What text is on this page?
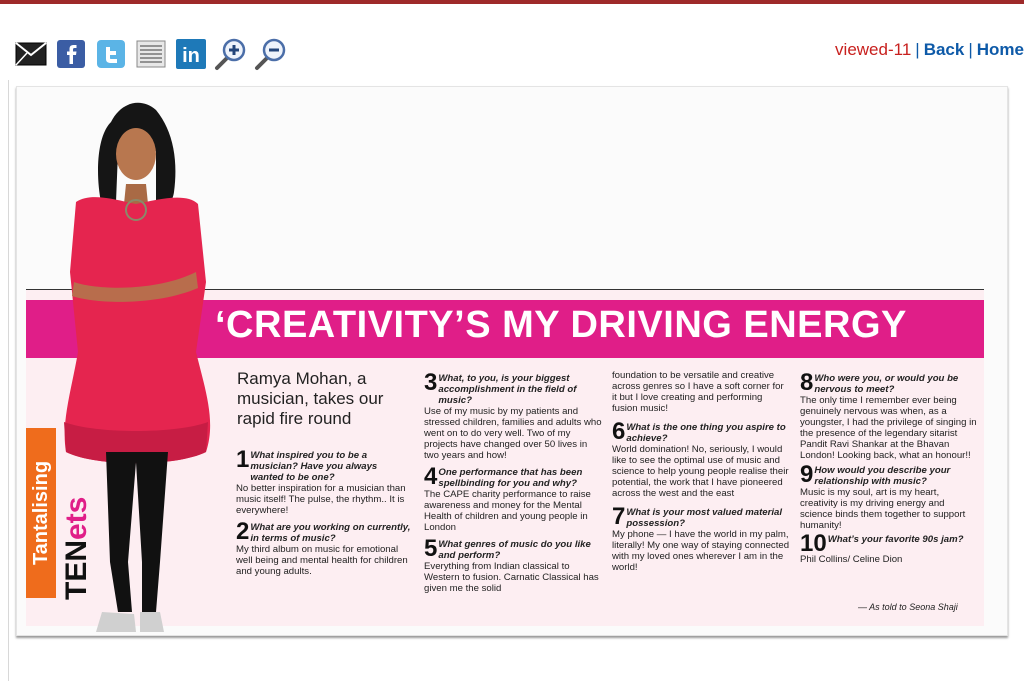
in	viewed-11 | Back | Home
‘CREATIVITY’S MY DRIVING ENERGY
Tantalising
TENets
Ramya Mohan, a musician, takes our rapid fire round
1 What inspired you to be a musician? Have you always wanted to be one?
No better inspiration for a musician than music itself! The pulse, the rhythm.. It is everywhere!
2 What are you working on currently, in terms of music?
My third album on music for emotional well being and mental health for children and young adults.
3 What, to you, is your biggest accomplishment in the field of music?
Use of my music by my patients and stressed children, families and adults who went on to do very well. Two of my projects have changed over 50 lives in two years and how!
4 One performance that has been spellbinding for you and why?
The CAPE charity performance to raise awareness and money for the Mental Health of children and young people in London
5 What genres of music do you like and perform?
Everything from Indian classical to Western to fusion. Carnatic Classical has given me the solid
foundation to be versatile and creative across genres so I have a soft corner for it but I love creating and performing fusion music!
6 What is the one thing you aspire to achieve?
World domination! No, seriously, I would like to see the optimal use of music and science to help young people realise their potential, the work that I have pioneered across the west and the east
7 What is your most valued material possession?
My phone — I have the world in my palm, literally! My one way of staying connected with my loved ones wherever I am in the world!
8 Who were you, or would you be nervous to meet?
The only time I remember ever being genuinely nervous was when, as a youngster, I had the privilege of singing in the presence of the legendary sitarist Pandit Ravi Shankar at the Bhavan London! Looking back, what an honour!!
9 How would you describe your relationship with music?
Music is my soul, art is my heart, creativity is my driving energy and science binds them together to support humanity!
10 What’s your favorite 90s jam?
Phil Collins/ Celine Dion
— As told to Seona Shaji
